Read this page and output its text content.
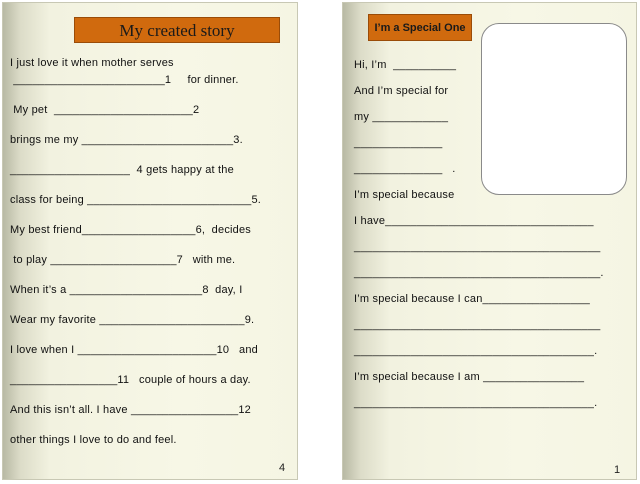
My created story
I just love it when mother serves
________________________1     for dinner.
My pet  ______________________2
brings me my ________________________3.
___________________  4 gets happy at the
class for being __________________________5.
My best friend__________________6,  decides
to play ____________________7   with me.
When it’s a _____________________8  day, I
Wear my favorite _______________________9.
I love when I ______________________10   and
_________________11   couple of hours a day.
And this isn’t all. I have _________________12
other things I love to do and feel.
4
I’m a Special One
Hi, I’m  __________
And I’m special for
my ____________
______________
______________   .
I’m special because
I have_________________________________
_______________________________________
_______________________________________.
I’m special because I can_________________
_______________________________________
______________________________________.
I’m special because I am ________________
______________________________________.
1
